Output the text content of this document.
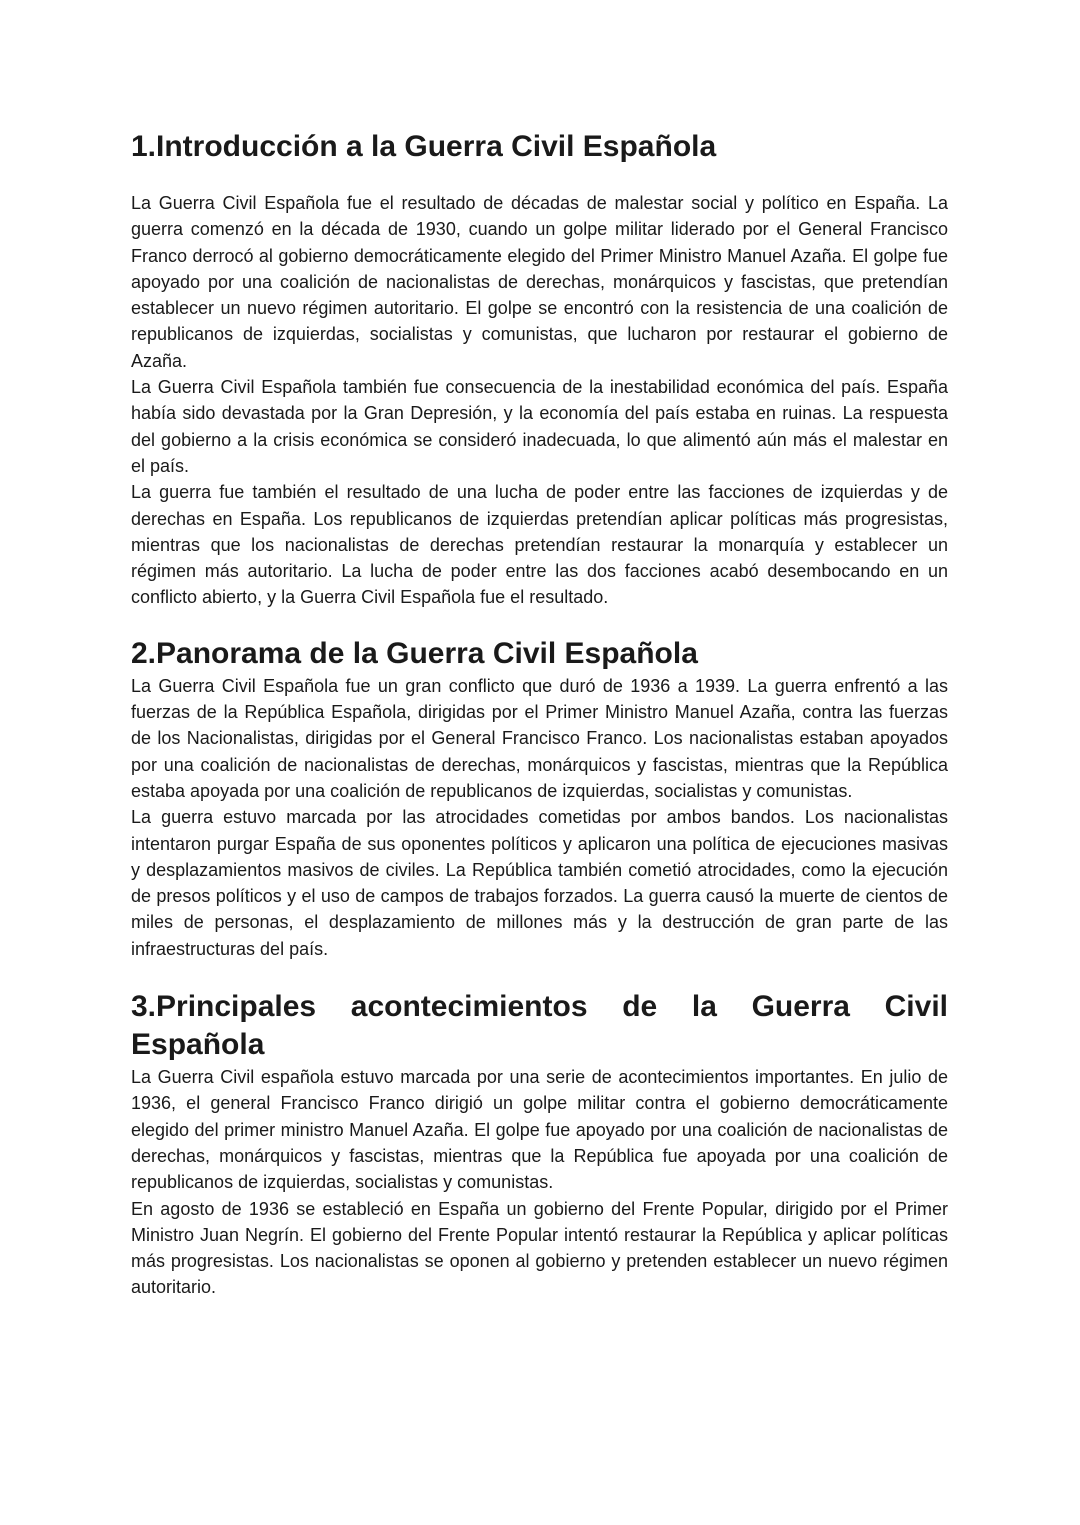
1.Introducción a la Guerra Civil Española

La Guerra Civil Española fue el resultado de décadas de malestar social y político en España. La guerra comenzó en la década de 1930, cuando un golpe militar liderado por el General Francisco Franco derrocó al gobierno democráticamente elegido del Primer Ministro Manuel Azaña. El golpe fue apoyado por una coalición de nacionalistas de derechas, monárquicos y fascistas, que pretendían establecer un nuevo régimen autoritario. El golpe se encontró con la resistencia de una coalición de republicanos de izquierdas, socialistas y comunistas, que lucharon por restaurar el gobierno de Azaña.

La Guerra Civil Española también fue consecuencia de la inestabilidad económica del país. España había sido devastada por la Gran Depresión, y la economía del país estaba en ruinas. La respuesta del gobierno a la crisis económica se consideró inadecuada, lo que alimentó aún más el malestar en el país.

La guerra fue también el resultado de una lucha de poder entre las facciones de izquierdas y de derechas en España. Los republicanos de izquierdas pretendían aplicar políticas más progresistas, mientras que los nacionalistas de derechas pretendían restaurar la monarquía y establecer un régimen más autoritario. La lucha de poder entre las dos facciones acabó desembocando en un conflicto abierto, y la Guerra Civil Española fue el resultado.

2.Panorama de la Guerra Civil Española

La Guerra Civil Española fue un gran conflicto que duró de 1936 a 1939. La guerra enfrentó a las fuerzas de la República Española, dirigidas por el Primer Ministro Manuel Azaña, contra las fuerzas de los Nacionalistas, dirigidas por el General Francisco Franco. Los nacionalistas estaban apoyados por una coalición de nacionalistas de derechas, monárquicos y fascistas, mientras que la República estaba apoyada por una coalición de republicanos de izquierdas, socialistas y comunistas.

La guerra estuvo marcada por las atrocidades cometidas por ambos bandos. Los nacionalistas intentaron purgar España de sus oponentes políticos y aplicaron una política de ejecuciones masivas y desplazamientos masivos de civiles. La República también cometió atrocidades, como la ejecución de presos políticos y el uso de campos de trabajos forzados. La guerra causó la muerte de cientos de miles de personas, el desplazamiento de millones más y la destrucción de gran parte de las infraestructuras del país.

3.Principales acontecimientos de la Guerra Civil Española

La Guerra Civil española estuvo marcada por una serie de acontecimientos importantes. En julio de 1936, el general Francisco Franco dirigió un golpe militar contra el gobierno democráticamente elegido del primer ministro Manuel Azaña. El golpe fue apoyado por una coalición de nacionalistas de derechas, monárquicos y fascistas, mientras que la República fue apoyada por una coalición de republicanos de izquierdas, socialistas y comunistas.

En agosto de 1936 se estableció en España un gobierno del Frente Popular, dirigido por el Primer Ministro Juan Negrín. El gobierno del Frente Popular intentó restaurar la República y aplicar políticas más progresistas. Los nacionalistas se oponen al gobierno y pretenden establecer un nuevo régimen autoritario.
